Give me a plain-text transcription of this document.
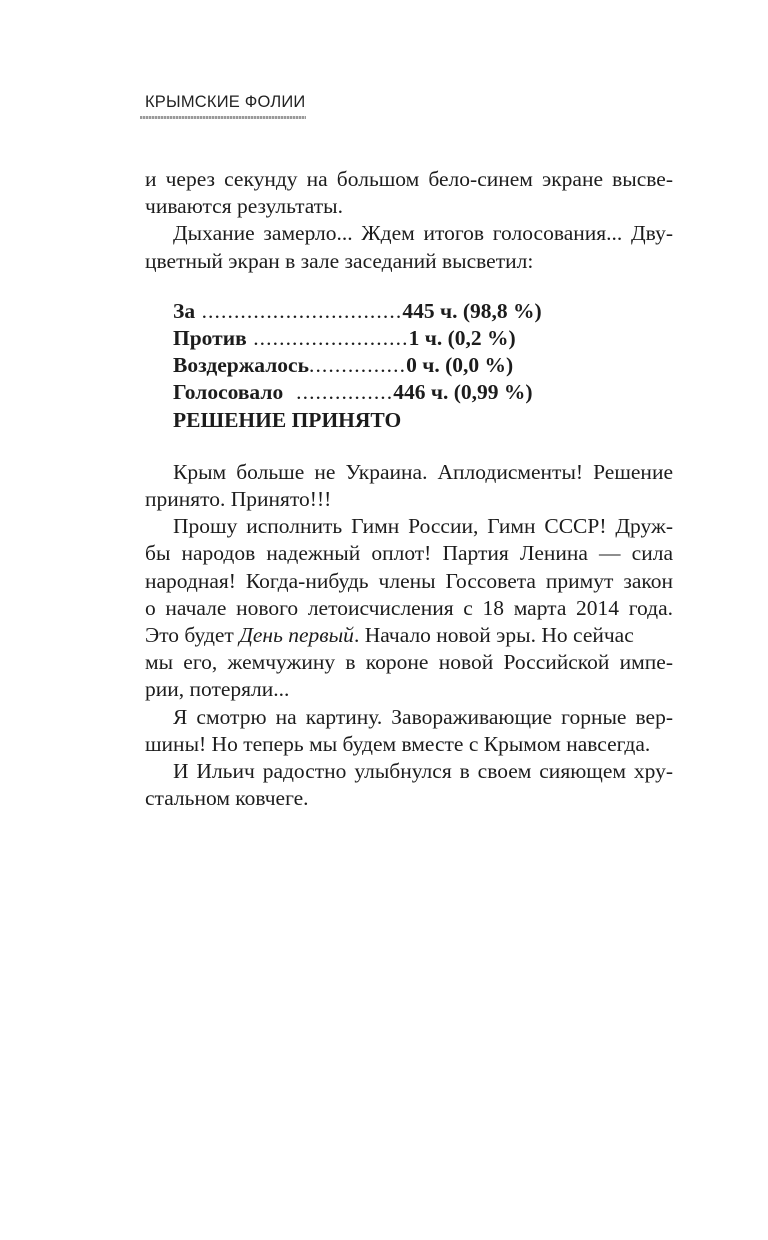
КРЫМСКИЕ ФОЛИИ

и через секунду на большом бело-синем экране высве-
чиваются результаты.

Дыхание замерло... Ждем итогов голосования... Дву-
цветный экран в зале заседаний высветил:

За ...............................445 ч. (98,8 %)
Против ........................1 ч. (0,2 %)
Воздержалось...............0 ч. (0,0 %)
Голосовало  ...............446 ч. (0,99 %)
РЕШЕНИЕ ПРИНЯТО

Крым больше не Украина. Аплодисменты! Решение
принято. Принято!!!

Прошу исполнить Гимн России, Гимн СССР! Друж-
бы народов надежный оплот! Партия Ленина — сила
народная! Когда-нибудь члены Госсовета примут закон
о начале нового летоисчисления с 18 марта 2014 года.
Это будет День первый. Начало новой эры. Но сейчас
мы его, жемчужину в короне новой Российской импе-
рии, потеряли...

Я смотрю на картину. Завораживающие горные вер-
шины! Но теперь мы будем вместе с Крымом навсегда.

И Ильич радостно улыбнулся в своем сияющем хру-
стальном ковчеге.
